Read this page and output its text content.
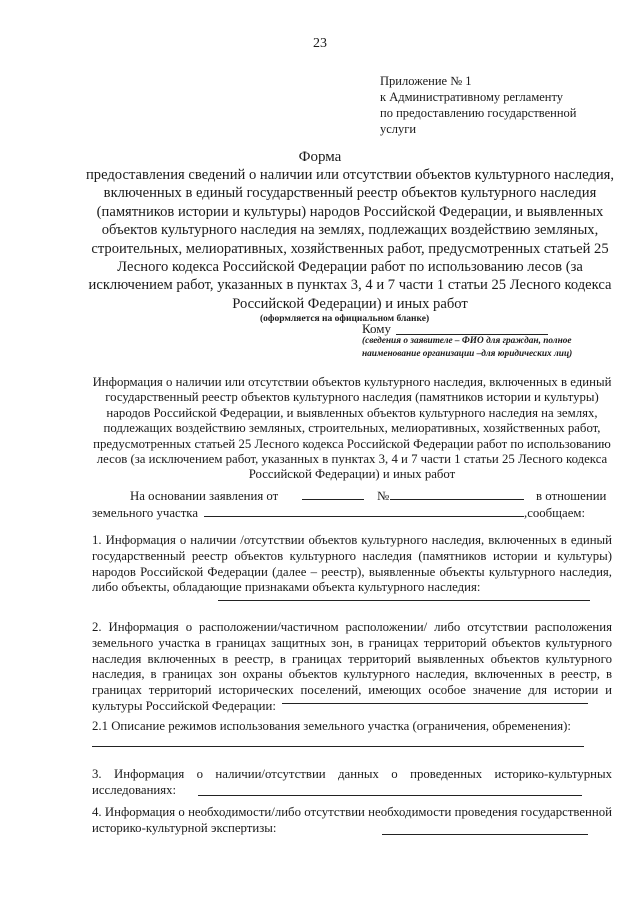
23
Приложение № 1
к Административному регламенту
по предоставлению государственной
услуги
Форма
предоставления сведений о наличии или отсутствии объектов культурного наследия, включенных в единый государственный реестр объектов культурного наследия (памятников истории и культуры) народов Российской Федерации, и выявленных объектов культурного наследия на землях, подлежащих воздействию земляных, строительных, мелиоративных, хозяйственных работ, предусмотренных статьей 25 Лесного кодекса Российской Федерации работ по использованию лесов (за исключением работ, указанных в пунктах 3, 4 и 7 части 1 статьи 25 Лесного кодекса Российской Федерации) и иных работ
(оформляется на официальном бланке)
Кому
(сведения о заявителе – ФИО для граждан, полное наименование организации –для юридических лиц)
Информация о наличии или отсутствии объектов культурного наследия, включенных в единый государственный реестр объектов культурного наследия (памятников истории и культуры) народов Российской Федерации, и выявленных объектов культурного наследия на землях, подлежащих воздействию земляных, строительных, мелиоративных, хозяйственных работ, предусмотренных статьей 25 Лесного кодекса Российской Федерации работ по использованию лесов (за исключением работ, указанных в пунктах 3, 4 и 7 части 1 статьи 25 Лесного кодекса Российской Федерации) и иных работ
На основании заявления от	№	в отношении
земельного участка	,сообщаем:
1. Информация о наличии /отсутствии объектов культурного наследия, включенных в единый государственный реестр объектов культурного наследия (памятников истории и культуры) народов Российской Федерации (далее – реестр), выявленные объекты культурного наследия, либо объекты, обладающие признаками объекта культурного наследия:
2. Информация о расположении/частичном расположении/ либо отсутствии расположения земельного участка в границах защитных зон, в границах территорий объектов культурного наследия включенных в реестр, в границах территорий выявленных объектов культурного наследия, в границах зон охраны объектов культурного наследия, включенных в реестр, в границах территорий исторических поселений, имеющих особое значение для истории и культуры Российской Федерации:
2.1 Описание режимов использования земельного участка (ограничения, обременения):
3. Информация о наличии/отсутствии данных о проведенных историко-культурных исследованиях:
4. Информация о необходимости/либо отсутствии необходимости проведения государственной историко-культурной экспертизы:
